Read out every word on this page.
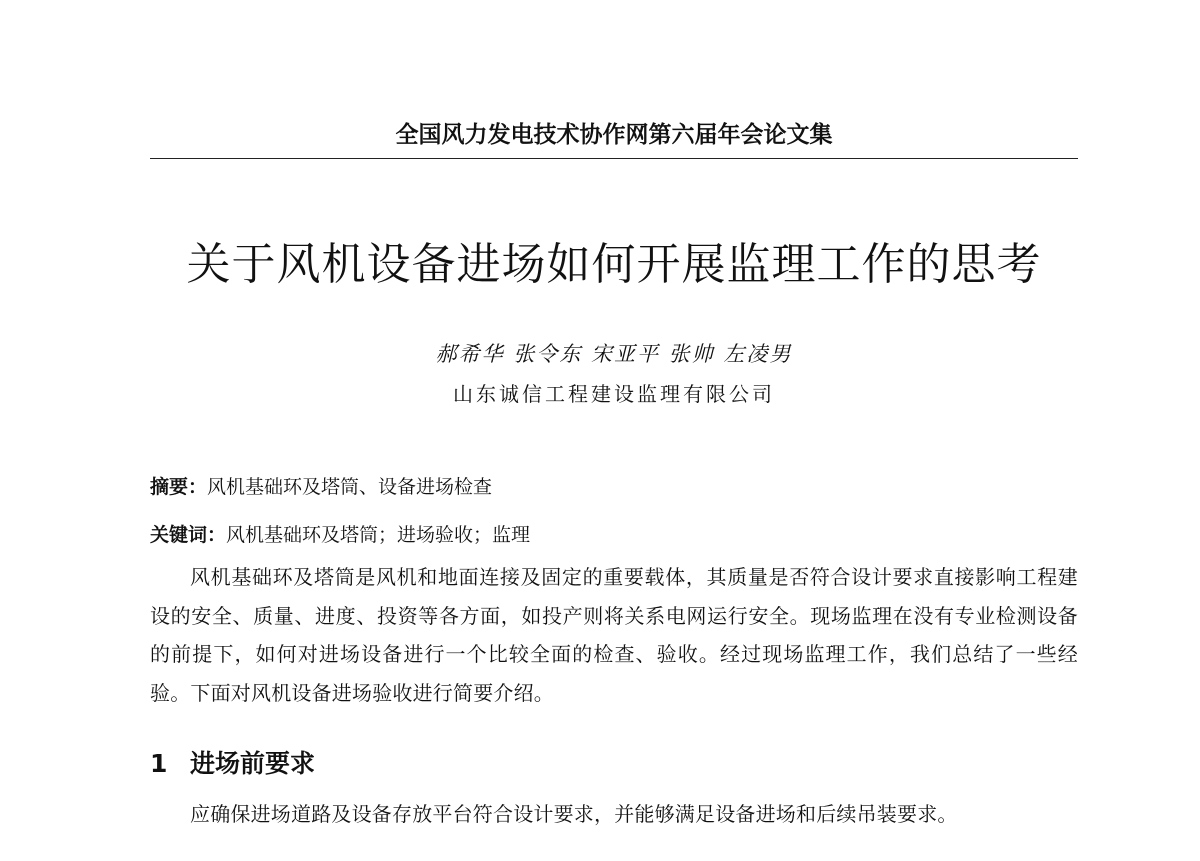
全国风力发电技术协作网第六届年会论文集
关于风机设备进场如何开展监理工作的思考
郝希华 张令东 宋亚平 张帅 左凌男
山东诚信工程建设监理有限公司
摘要：风机基础环及塔筒、设备进场检查
关键词：风机基础环及塔筒；进场验收；监理
风机基础环及塔筒是风机和地面连接及固定的重要载体，其质量是否符合设计要求直接影响工程建设的安全、质量、进度、投资等各方面，如投产则将关系电网运行安全。现场监理在没有专业检测设备的前提下，如何对进场设备进行一个比较全面的检查、验收。经过现场监理工作，我们总结了一些经验。下面对风机设备进场验收进行简要介绍。
1 进场前要求
应确保进场道路及设备存放平台符合设计要求，并能够满足设备进场和后续吊装要求。
